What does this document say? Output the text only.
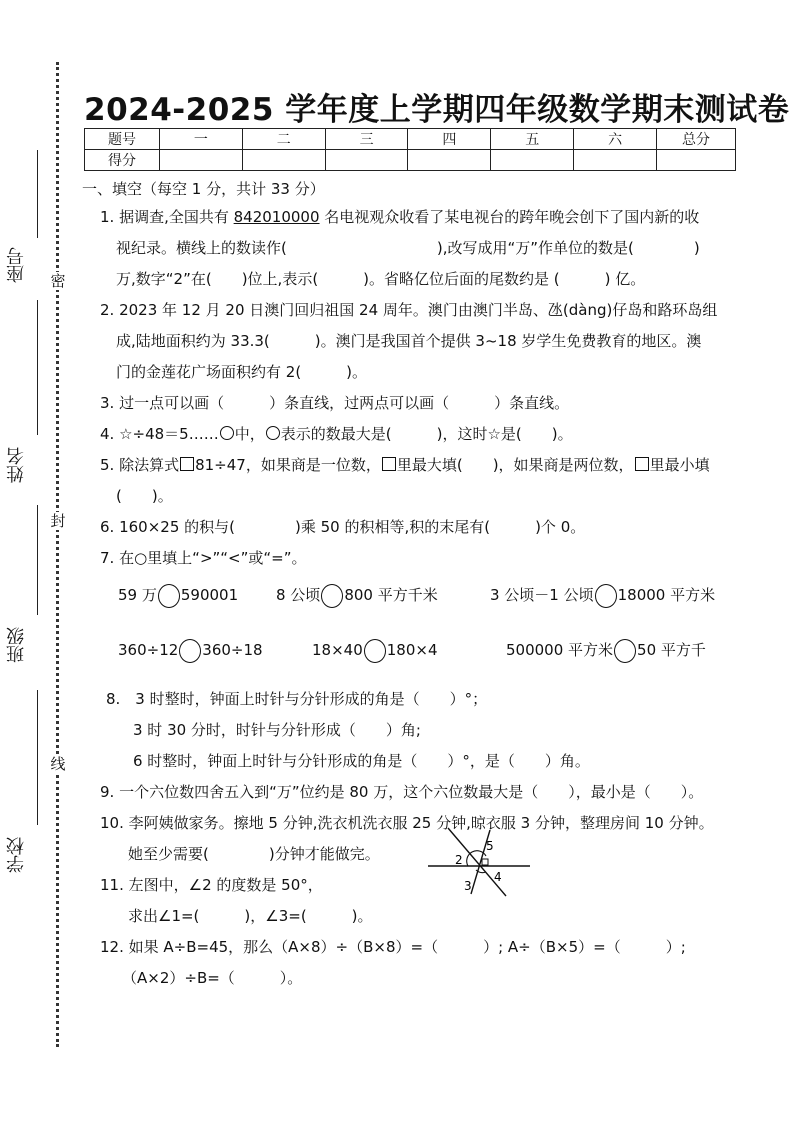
座号
姓名
班级
学校
密
封
线
2024-2025 学年度上学期四年级数学期末测试卷
题号	一	二	三	四	五	六	总分
得分							
一、填空（每空 1 分，共计 33 分）
1. 据调查,全国共有 842010000 名电视观众收看了某电视台的跨年晚会创下了国内新的收
视纪录。横线上的数读作(　　　　　　　　　　),改写成用“万”作单位的数是(　　　　)
万,数字“2”在(　　)位上,表示(　　　)。省略亿位后面的尾数约是 (　　　) 亿。
2. 2023 年 12 月 20 日澳门回归祖国 24 周年。澳门由澳门半岛、氹(dàng)仔岛和路环岛组
成,陆地面积约为 33.3(　　　)。澳门是我国首个提供 3~18 岁学生免费教育的地区。澳
门的金莲花广场面积约有 2(　　　)。
3. 过一点可以画（　　　）条直线，过两点可以画（　　　）条直线。
4. ☆÷48＝5…… 中， 表示的数最大是(　　　)，这时☆是(　　)。
5. 除法算式 81÷47，如果商是一位数， 里最大填(　　)，如果商是两位数， 里最小填
(　　)。
6. 160×25 的积与(　　　　)乘 50 的积相等,积的末尾有(　　　)个 0。
7. 在○里填上“>”“<”或“=”。
59 万 590001	8 公顷 800 平方千米	3 公顷－1 公顷 18000 平方米
360÷12 360÷18	18×40 180×4	500000 平方米 50 平方千
8.　3 时整时，钟面上时针与分针形成的角是（　　）°；
3 时 30 分时，时针与分针形成（　　）角;
6 时整时，钟面上时针与分针形成的角是（　　）°，是（　　）角。
9. 一个六位数四舍五入到“万”位约是 80 万，这个六位数最大是（　　），最小是（　　）。
10. 李阿姨做家务。擦地 5 分钟,洗衣机洗衣服 25 分钟,晾衣服 3 分钟，整理房间 10 分钟。
她至少需要(　　　　)分钟才能做完。
11. 左图中，∠2 的度数是 50°，
求出∠1=(　　　)，∠3=(　　　)。
12. 如果 A÷B=45，那么（A×8）÷（B×8）=（　　　）; A÷（B×5）=（　　　）;
（A×2）÷B=（　　　）。
2
5
4
3
